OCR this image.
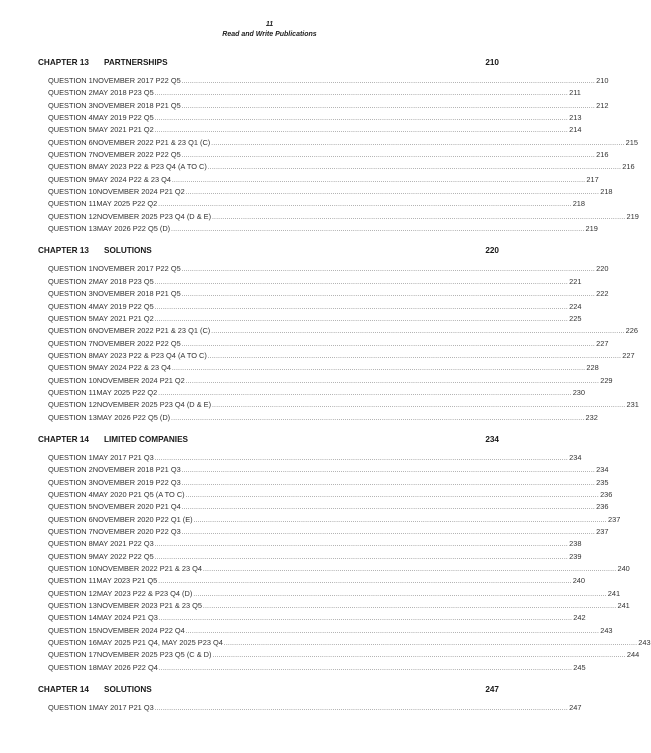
11
Read and Write Publications
CHAPTER 13	PARTNERSHIPS	210
QUESTION 1 NOVEMBER 2017 P22 Q5 ........................................................................................................................................................................................................ 210
QUESTION 2 MAY 2018 P23 Q5 ........................................................................................................................................................................................................ 211
QUESTION 3 NOVEMBER 2018 P21 Q5 ........................................................................................................................................................................................................ 212
QUESTION 4 MAY 2019 P22 Q5 ........................................................................................................................................................................................................ 213
QUESTION 5 MAY 2021 P21 Q2 ........................................................................................................................................................................................................ 214
QUESTION 6 NOVEMBER 2022 P21 & 23 Q1 (C) ........................................................................................................................................................................................................ 215
QUESTION 7 NOVEMBER 2022 P22 Q5 ........................................................................................................................................................................................................ 216
QUESTION 8 MAY 2023 P22 & P23 Q4 (A TO C) ........................................................................................................................................................................................................ 216
QUESTION 9 MAY 2024 P22 & 23 Q4 ........................................................................................................................................................................................................ 217
QUESTION 10 NOVEMBER 2024 P21 Q2 ........................................................................................................................................................................................................ 218
QUESTION 11 MAY 2025 P22 Q2 ........................................................................................................................................................................................................ 218
QUESTION 12 NOVEMBER 2025 P23 Q4 (D & E) ........................................................................................................................................................................................................ 219
QUESTION 13 MAY 2026 P22 Q5 (D) ........................................................................................................................................................................................................ 219
CHAPTER 13	SOLUTIONS	220
QUESTION 1 NOVEMBER 2017 P22 Q5 ........................................................................................................................................................................................................ 220
QUESTION 2 MAY 2018 P23 Q5 ........................................................................................................................................................................................................ 221
QUESTION 3 NOVEMBER 2018 P21 Q5 ........................................................................................................................................................................................................ 222
QUESTION 4 MAY 2019 P22 Q5 ........................................................................................................................................................................................................ 224
QUESTION 5 MAY 2021 P21 Q2 ........................................................................................................................................................................................................ 225
QUESTION 6 NOVEMBER 2022 P21 & 23 Q1 (C) ........................................................................................................................................................................................................ 226
QUESTION 7 NOVEMBER 2022 P22 Q5 ........................................................................................................................................................................................................ 227
QUESTION 8 MAY 2023 P22 & P23 Q4 (A TO C) ........................................................................................................................................................................................................ 227
QUESTION 9 MAY 2024 P22 & 23 Q4 ........................................................................................................................................................................................................ 228
QUESTION 10 NOVEMBER 2024 P21 Q2 ........................................................................................................................................................................................................ 229
QUESTION 11 MAY 2025 P22 Q2 ........................................................................................................................................................................................................ 230
QUESTION 12 NOVEMBER 2025 P23 Q4 (D & E) ........................................................................................................................................................................................................ 231
QUESTION 13 MAY 2026 P22 Q5 (D) ........................................................................................................................................................................................................ 232
CHAPTER 14	LIMITED COMPANIES	234
QUESTION 1 MAY 2017 P21 Q3 ........................................................................................................................................................................................................ 234
QUESTION 2 NOVEMBER 2018 P21 Q3 ........................................................................................................................................................................................................ 234
QUESTION 3 NOVEMBER 2019 P22 Q3 ........................................................................................................................................................................................................ 235
QUESTION 4 MAY 2020 P21 Q5 (A TO C) ........................................................................................................................................................................................................ 236
QUESTION 5 NOVEMBER 2020 P21 Q4 ........................................................................................................................................................................................................ 236
QUESTION 6 NOVEMBER 2020 P22 Q1 (E) ........................................................................................................................................................................................................ 237
QUESTION 7 NOVEMBER 2020 P22 Q3 ........................................................................................................................................................................................................ 237
QUESTION 8 MAY 2021 P22 Q3 ........................................................................................................................................................................................................ 238
QUESTION 9 MAY 2022 P22 Q5 ........................................................................................................................................................................................................ 239
QUESTION 10 NOVEMBER 2022 P21 & 23 Q4 ........................................................................................................................................................................................................ 240
QUESTION 11 MAY 2023 P21 Q5 ........................................................................................................................................................................................................ 240
QUESTION 12 MAY 2023 P22 & P23 Q4 (D) ........................................................................................................................................................................................................ 241
QUESTION 13 NOVEMBER 2023 P21 & 23 Q5 ........................................................................................................................................................................................................ 241
QUESTION 14 MAY 2024 P21 Q3 ........................................................................................................................................................................................................ 242
QUESTION 15 NOVEMBER 2024 P22 Q4 ........................................................................................................................................................................................................ 243
QUESTION 16 MAY 2025 P21 Q4, MAY 2025 P23 Q4 ........................................................................................................................................................................................................ 243
QUESTION 17 NOVEMBER 2025 P23 Q5 (C & D) ........................................................................................................................................................................................................ 244
QUESTION 18 MAY 2026 P22 Q4 ........................................................................................................................................................................................................ 245
CHAPTER 14	SOLUTIONS	247
QUESTION 1 MAY 2017 P21 Q3 ........................................................................................................................................................................................................ 247
